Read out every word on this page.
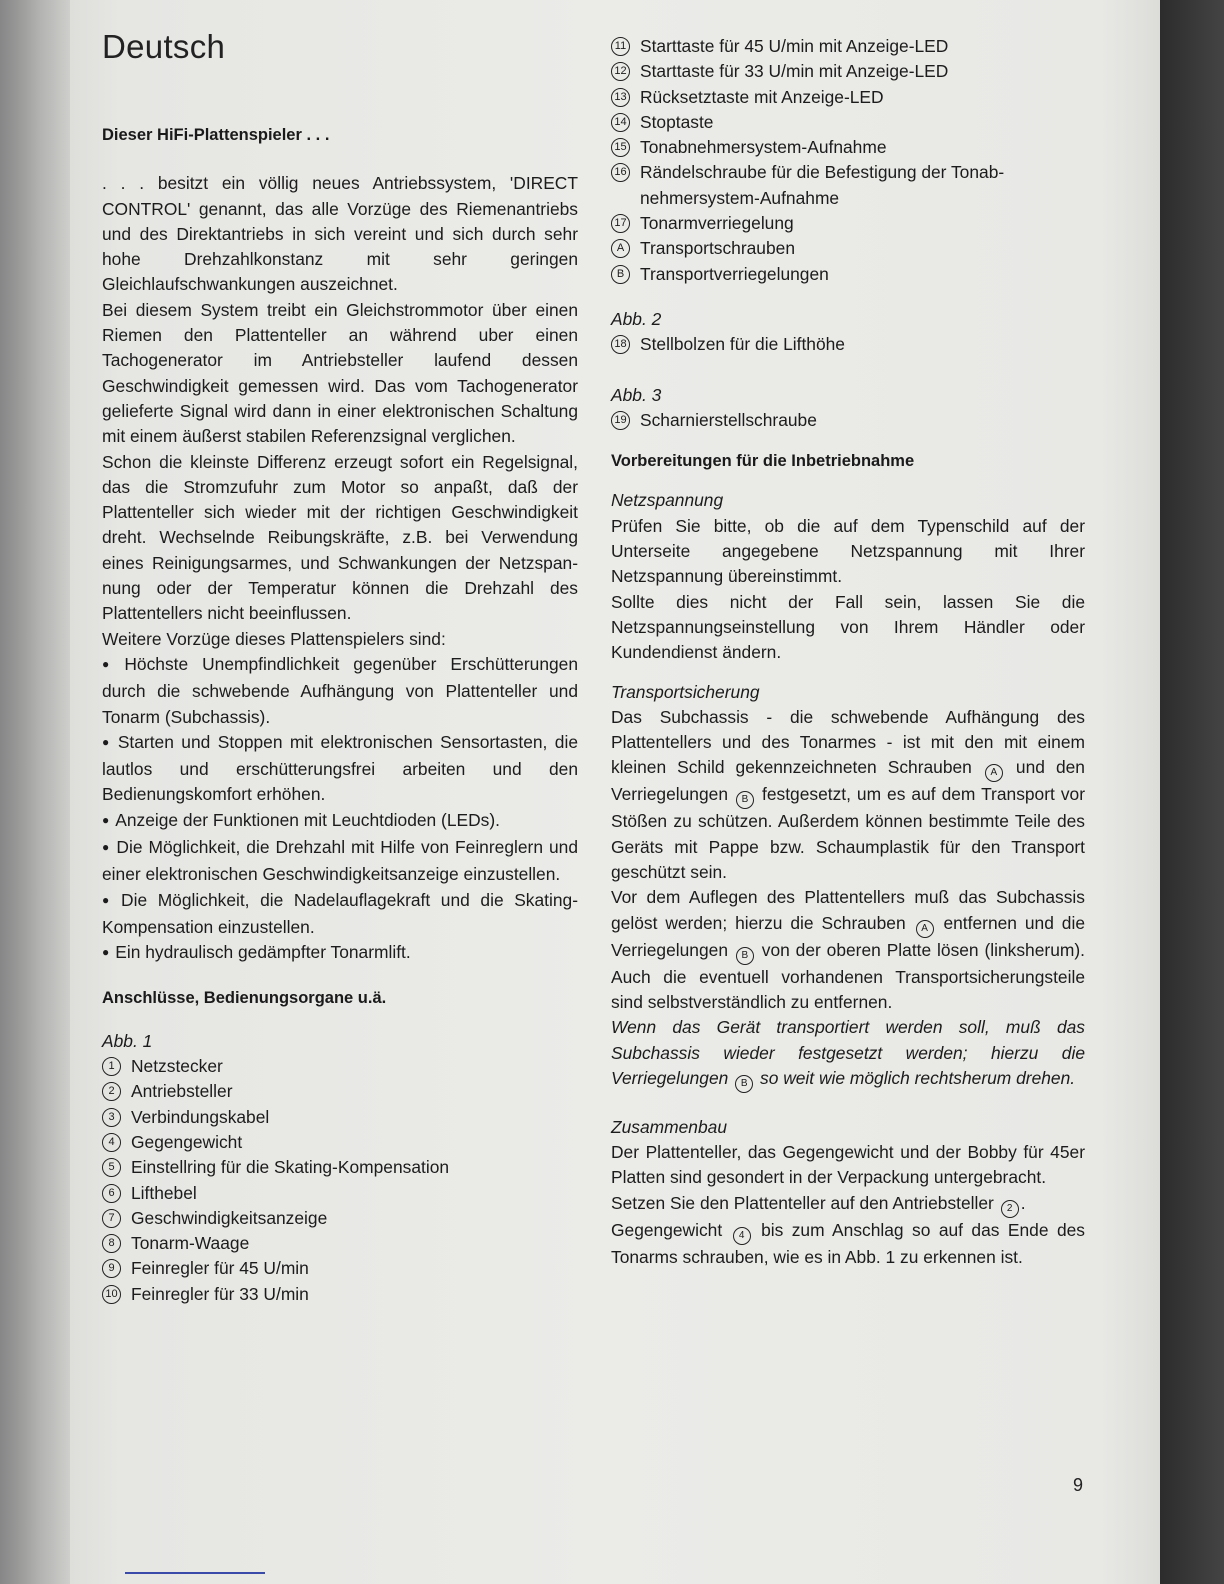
Deutsch
Dieser HiFi-Plattenspieler . . .

. . . besitzt ein völlig neues Antriebssystem, 'DIRECT CONTROL' genannt, das alle Vorzüge des Riemenantriebs und des Direktantriebs in sich vereint und sich durch sehr hohe Drehzahlkonstanz mit sehr geringen Gleichlaufschwankungen auszeichnet.

Bei diesem System treibt ein Gleichstrommotor über einen Riemen den Plattenteller an während uber einen Tachogenerator im Antriebsteller laufend dessen Geschwindigkeit gemessen wird. Das vom Tachogenerator gelieferte Signal wird dann in einer elektronischen Schaltung mit einem äußerst stabilen Referenzsignal verglichen.

Schon die kleinste Differenz erzeugt sofort ein Regelsignal, das die Stromzufuhr zum Motor so anpaßt, daß der Plattenteller sich wieder mit der richtigen Geschwindigkeit dreht. Wechselnde Reibungskräfte, z.B. bei Verwendung eines Reinigungsarmes, und Schwankungen der Netzspannung oder der Temperatur können die Drehzahl des Plattentellers nicht beeinflussen.

Weitere Vorzüge dieses Plattenspielers sind:

● Höchste Unempfindlichkeit gegenüber Erschütterungen durch die schwebende Aufhängung von Plattenteller und Tonarm (Subchassis).

● Starten und Stoppen mit elektronischen Sensortasten, die lautlos und erschütterungsfrei arbeiten und den Bedienungskomfort erhöhen.

● Anzeige der Funktionen mit Leuchtdioden (LEDs).

● Die Möglichkeit, die Drehzahl mit Hilfe von Feinreglern und einer elektronischen Geschwindigkeitsanzeige einzustellen.

● Die Möglichkeit, die Nadelauflagekraft und die Skating-Kompensation einzustellen.

● Ein hydraulisch gedämpfter Tonarmlift.

Anschlüsse, Bedienungsorgane u.ä.

Abb. 1

1 Netzstecker
2 Antriebsteller
3 Verbindungskabel
4 Gegengewicht
5 Einstellring für die Skating-Kompensation
6 Lifthebel
7 Geschwindigkeitsanzeige
8 Tonarm-Waage
9 Feinregler für 45 U/min
10 Feinregler für 33 U/min
11 Starttaste für 45 U/min mit Anzeige-LED
12 Starttaste für 33 U/min mit Anzeige-LED
13 Rücksetztaste mit Anzeige-LED
14 Stoptaste
15 Tonabnehmersystem-Aufnahme
16 Rändelschraube für die Befestigung der Tonabnehmersystem-Aufnahme
17 Tonarmverriegelung
A Transportschrauben
B Transportverriegelungen

Abb. 2

18 Stellbolzen für die Lifthöhe

Abb. 3

19 Scharnierstellschraube
Vorbereitungen für die Inbetriebnahme

Netzspannung

Prüfen Sie bitte, ob die auf dem Typenschild auf der Unterseite angegebene Netzspannung mit Ihrer Netzspannung übereinstimmt.

Sollte dies nicht der Fall sein, lassen Sie die Netzspannungseinstellung von Ihrem Händler oder Kundendienst ändern.

Transportsicherung

Das Subchassis - die schwebende Aufhängung des Plattentellers und des Tonarmes - ist mit den mit einem kleinen Schild gekennzeichneten Schrauben A und den Verriegelungen B festgesetzt, um es auf dem Transport vor Stößen zu schützen. Außerdem können bestimmte Teile des Geräts mit Pappe bzw. Schaumplastik für den Transport geschützt sein.

Vor dem Auflegen des Plattentellers muß das Subchassis gelöst werden; hierzu die Schrauben A entfernen und die Verriegelungen B von der oberen Platte lösen (linksherum). Auch die eventuell vorhandenen Transportsicherungsteile sind selbstverständlich zu entfernen.

Wenn das Gerät transportiert werden soll, muß das Subchassis wieder festgesetzt werden; hierzu die Verriegelungen B so weit wie möglich rechtsherum drehen.

Zusammenbau

Der Plattenteller, das Gegengewicht und der Bobby für 45er Platten sind gesondert in der Verpackung untergebracht.

Setzen Sie den Plattenteller auf den Antriebsteller 2 .

Gegengewicht 4 bis zum Anschlag so auf das Ende des Tonarms schrauben, wie es in Abb. 1 zu erkennen ist.

9
